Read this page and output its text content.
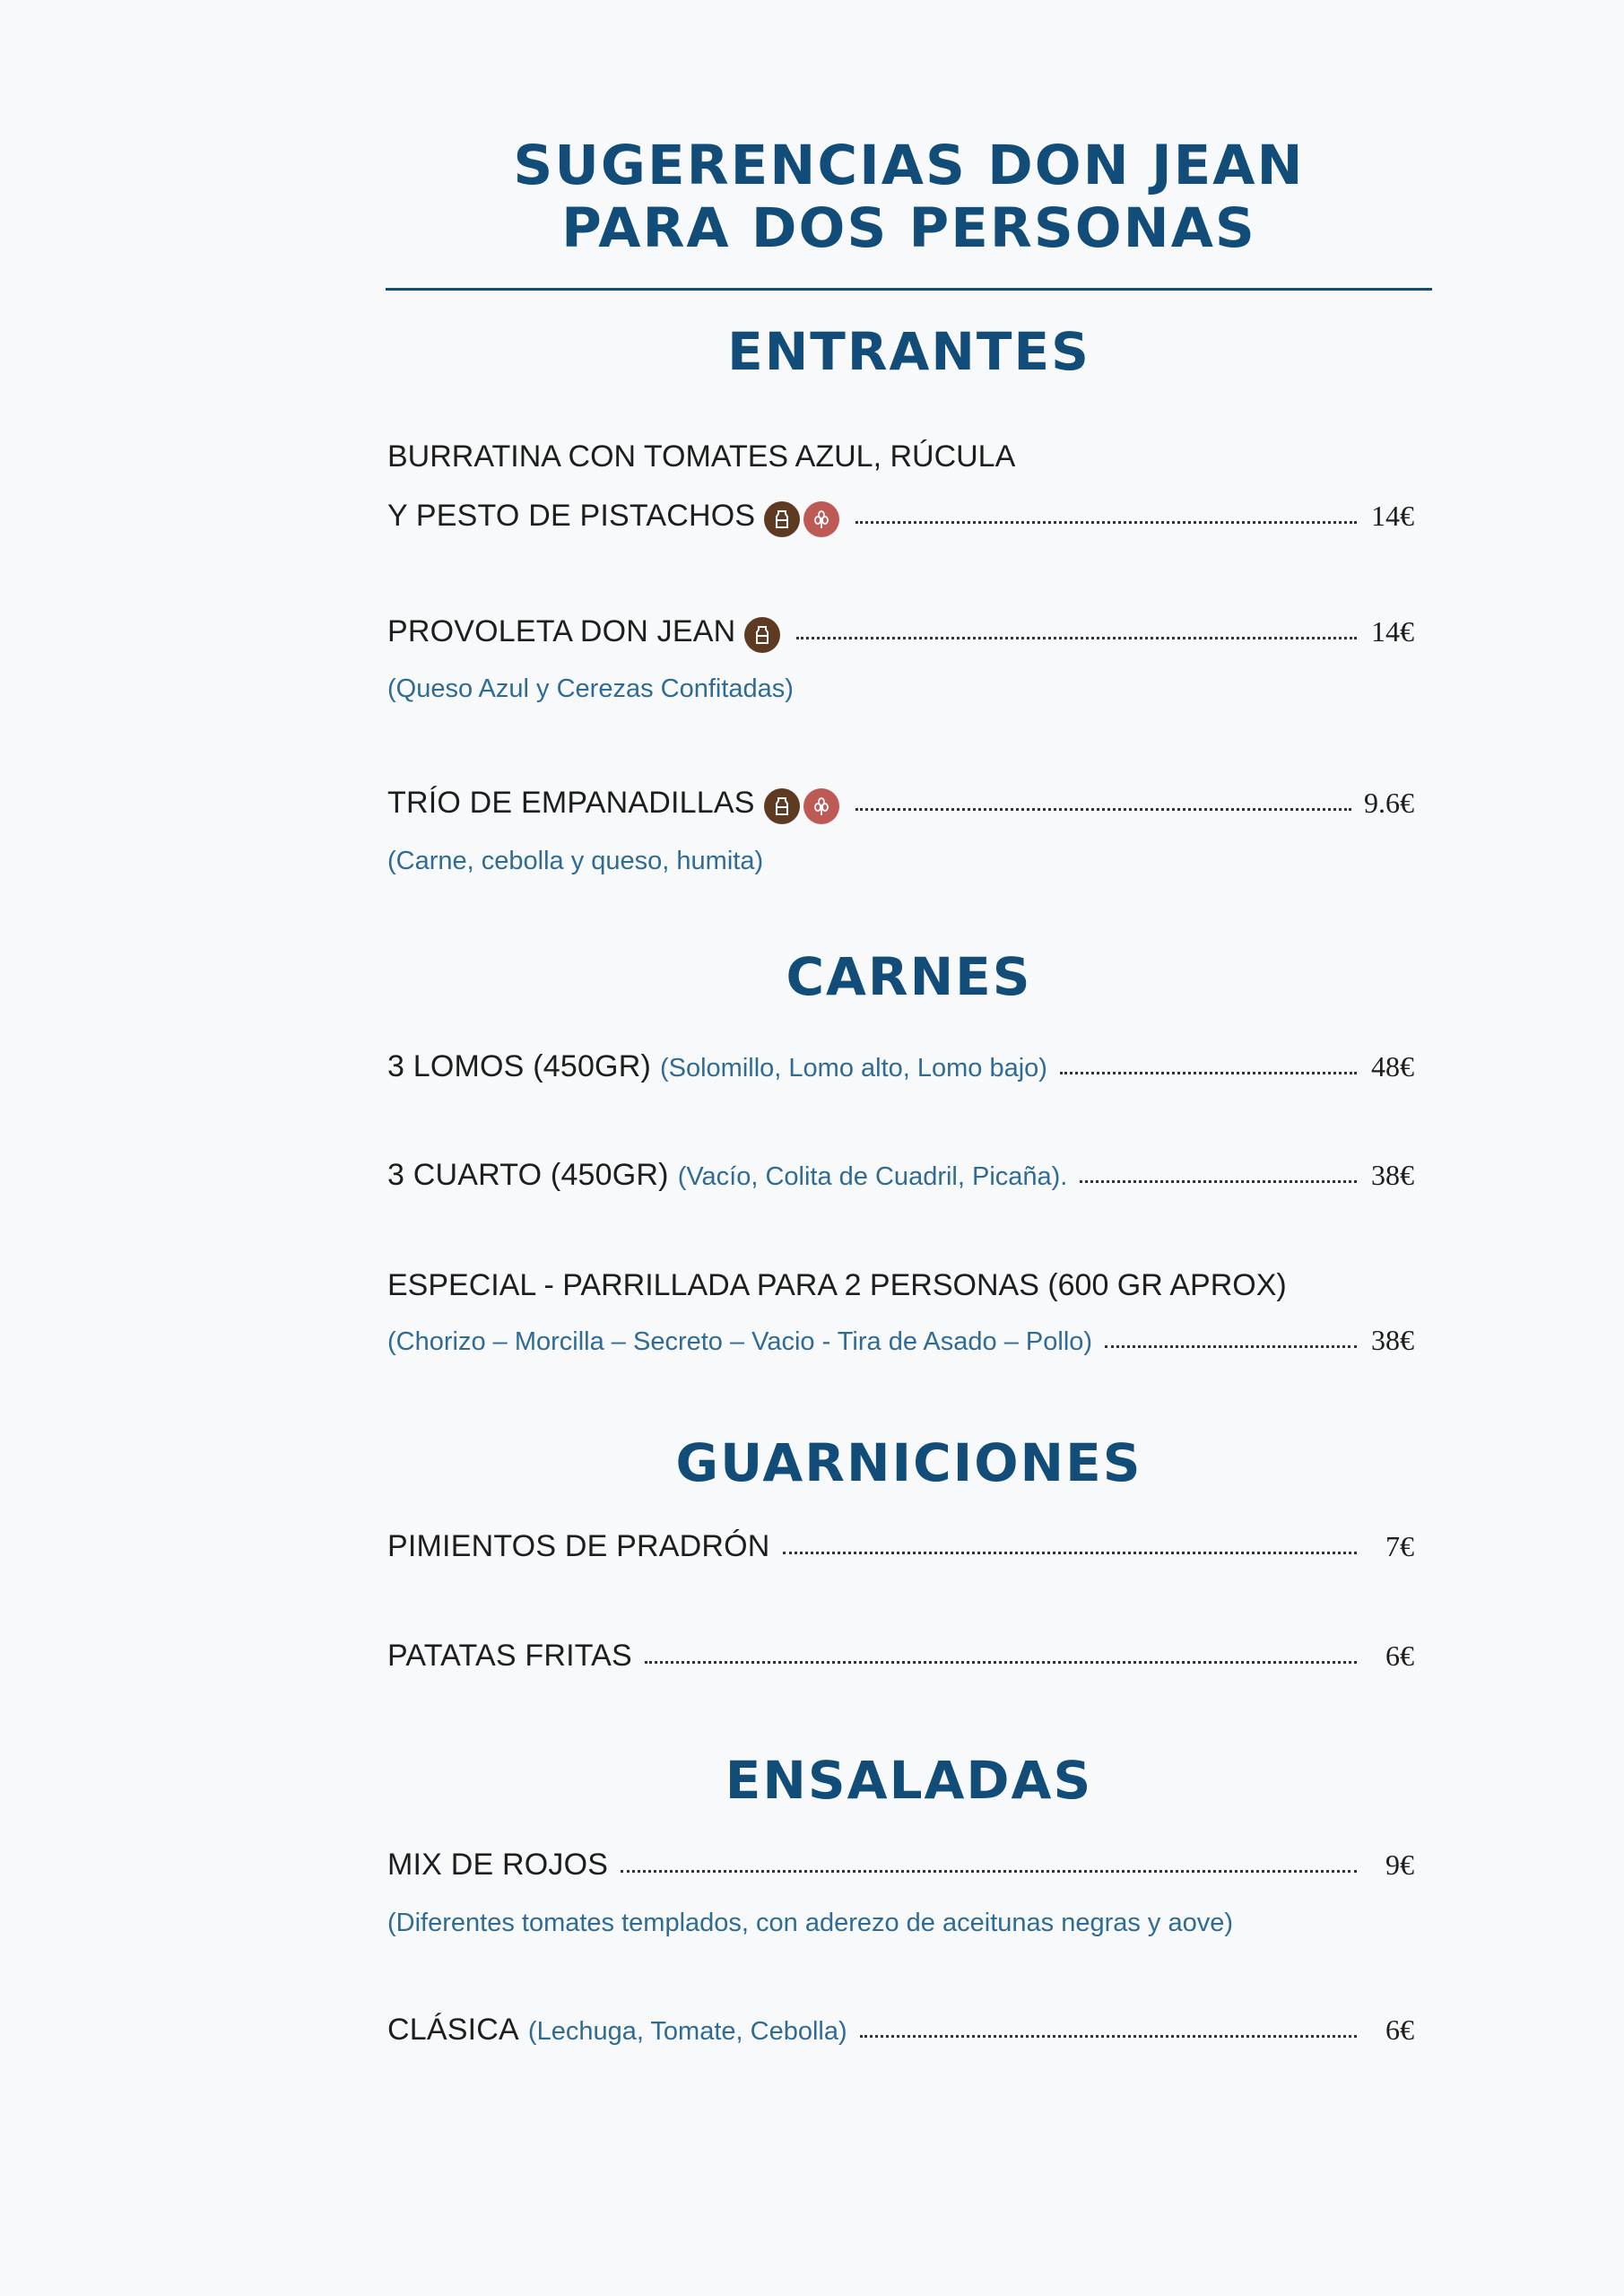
SUGERENCIAS DON JEAN
PARA DOS PERSONAS
ENTRANTES
BURRATINA CON TOMATES AZUL, RÚCULA
Y PESTO DE PISTACHOS	14€
PROVOLETA DON JEAN	14€
(Queso Azul y Cerezas Confitadas)
TRÍO DE EMPANADILLAS	9.6€
(Carne, cebolla y queso, humita)
CARNES
3 LOMOS (450GR) (Solomillo, Lomo alto, Lomo bajo)	48€
3 CUARTO (450GR) (Vacío, Colita de Cuadril, Picaña).	38€
ESPECIAL - PARRILLADA PARA 2 PERSONAS (600 GR APROX)
(Chorizo – Morcilla – Secreto – Vacio - Tira de Asado – Pollo)	38€
GUARNICIONES
PIMIENTOS DE PRADRÓN	7€
PATATAS FRITAS	6€
ENSALADAS
MIX DE ROJOS	9€
(Diferentes tomates templados, con aderezo de aceitunas negras y aove)
CLÁSICA (Lechuga, Tomate, Cebolla)	6€
